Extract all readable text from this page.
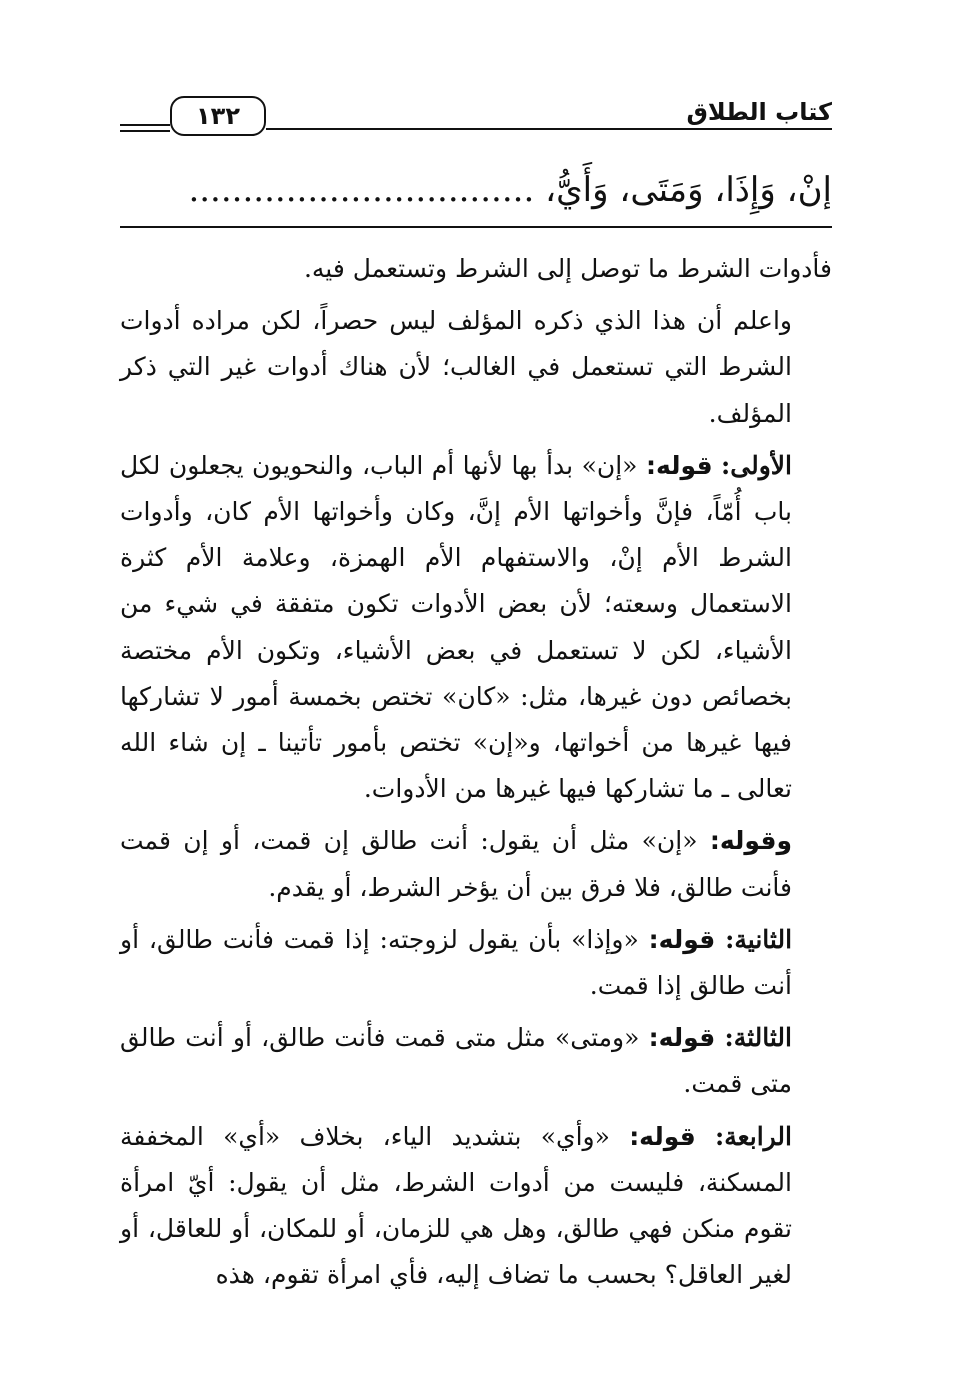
كتاب الطلاق
١٣٢
إنْ، وَإِذَا، وَمَتَى، وَأَيُّ، ................................

فأدوات الشرط ما توصل إلى الشرط وتستعمل فيه.

واعلم أن هذا الذي ذكره المؤلف ليس حصراً، لكن مراده أدوات الشرط التي تستعمل في الغالب؛ لأن هناك أدوات غير التي ذكر المؤلف.

الأولى: قوله: «إن» بدأ بها لأنها أم الباب، والنحويون يجعلون لكل باب أُمّاً، فإنَّ وأخواتها الأم إنَّ، وكان وأخواتها الأم كان، وأدوات الشرط الأم إنْ، والاستفهام الأم الهمزة، وعلامة الأم كثرة الاستعمال وسعته؛ لأن بعض الأدوات تكون متفقة في شيء من الأشياء، لكن لا تستعمل في بعض الأشياء، وتكون الأم مختصة بخصائص دون غيرها، مثل: «كان» تختص بخمسة أمور لا تشاركها فيها غيرها من أخواتها، و«إن» تختص بأمور تأتينا ـ إن شاء الله تعالى ـ ما تشاركها فيها غيرها من الأدوات.

وقوله: «إن» مثل أن يقول: أنت طالق إن قمت، أو إن قمت فأنت طالق، فلا فرق بين أن يؤخر الشرط، أو يقدم.

الثانية: قوله: «وإذا» بأن يقول لزوجته: إذا قمت فأنت طالق، أو أنت طالق إذا قمت.

الثالثة: قوله: «ومتى» مثل متى قمت فأنت طالق، أو أنت طالق متى قمت.

الرابعة: قوله: «وأي» بتشديد الياء، بخلاف «أي» المخففة المسكنة، فليست من أدوات الشرط، مثل أن يقول: أيّ امرأة تقوم منكن فهي طالق، وهل هي للزمان، أو للمكان، أو للعاقل، أو لغير العاقل؟ بحسب ما تضاف إليه، فأي امرأة تقوم، هذه
